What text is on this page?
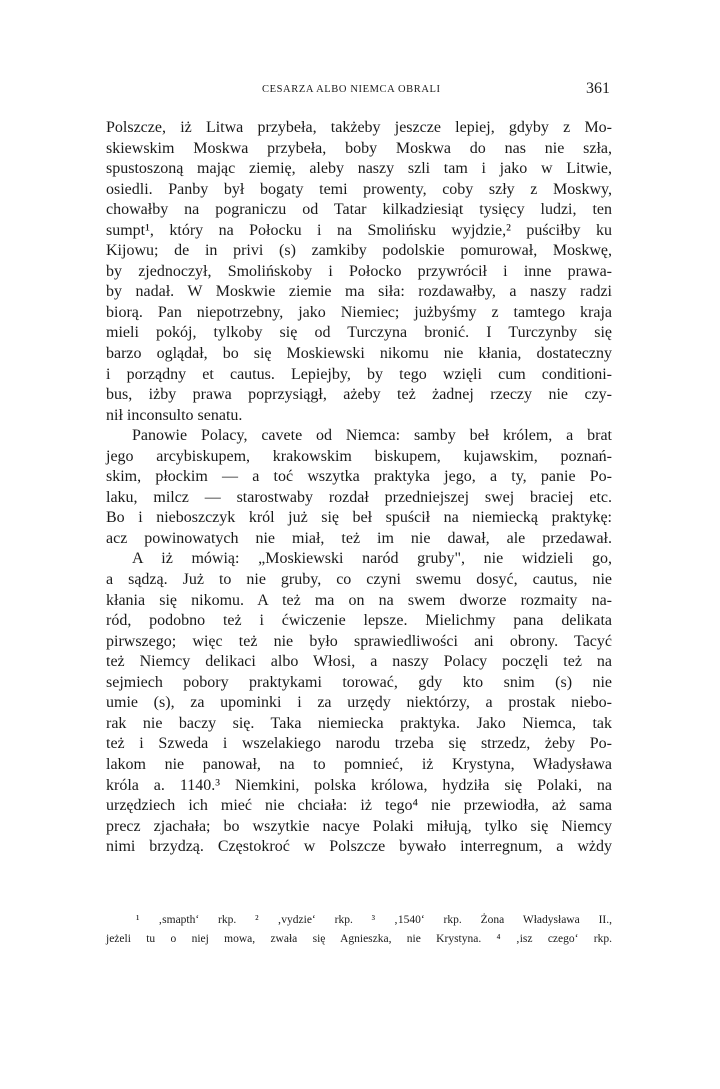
CESARZA ALBO NIEMCA OBRALI	361
Polszcze, iż Litwa przybeła, takżeby jeszcze lepiej, gdyby z Mo-
skiewskim Moskwa przybeła, boby Moskwa do nas nie szła,
spustoszoną mając ziemię, aleby naszy szli tam i jako w Litwie,
osiedli. Panby był bogaty temi prowenty, coby szły z Moskwy,
chowałby na pograniczu od Tatar kilkadziesiąt tysięcy ludzi, ten
sumpt¹, który na Połocku i na Smolińsku wyjdzie,² puściłby ku
Kijowu; de in privi (s) zamkiby podolskie pomurował, Moskwę,
by zjednoczył, Smolińskoby i Połocko przywrócił i inne prawa-
by nadał. W Moskwie ziemie ma siła: rozdawałby, a naszy radzi
biorą. Pan niepotrzebny, jako Niemiec; jużbyśmy z tamtego kraja
mieli pokój, tylkoby się od Turczyna bronić. I Turczynby się
barzo oglądał, bo się Moskiewski nikomu nie kłania, dostateczny
i porządny et cautus. Lepiejby, by tego wzięli cum conditioni-
bus, iżby prawa poprzysiągł, ażeby też żadnej rzeczy nie czy-
nił inconsulto senatu.
Panowie Polacy, cavete od Niemca: samby beł królem, a brat
jego arcybiskupem, krakowskim biskupem, kujawskim, poznań-
skim, płockim — a toć wszytka praktyka jego, a ty, panie Po-
laku, milcz — starostwaby rozdał przedniejszej swej braciej etc.
Bo i nieboszczyk król już się beł spuścił na niemiecką praktykę:
acz powinowatych nie miał, też im nie dawał, ale przedawał.
A iż mówią: „Moskiewski naród gruby", nie widzieli go,
a sądzą. Już to nie gruby, co czyni swemu dosyć, cautus, nie
kłania się nikomu. A też ma on na swem dworze rozmaity na-
ród, podobno też i ćwiczenie lepsze. Mielichmy pana delikata
pirwszego; więc też nie było sprawiedliwości ani obrony. Tacyć
też Niemcy delikaci albo Włosi, a naszy Polacy poczęli też na
sejmiech pobory praktykami torować, gdy kto snim (s) nie
umie (s), za upominki i za urzędy niektórzy, a prostak niebo-
rak nie baczy się. Taka niemiecka praktyka. Jako Niemca, tak
też i Szweda i wszelakiego narodu trzeba się strzedz, żeby Po-
lakom nie panował, na to pomnieć, iż Krystyna, Władysława
króla a. 1140.³ Niemkini, polska królowa, hydziła się Polaki, na
urzędziech ich mieć nie chciała: iż tego⁴ nie przewiodła, aż sama
precz zjachała; bo wszytkie nacye Polaki miłują, tylko się Niemcy
nimi brzydzą. Częstokroć w Polszcze bywało interregnum, a wżdy
¹ ‚smapth‘ rkp. ² ‚vydzie‘ rkp. ³ ‚1540‘ rkp. Żona Władysława II.,
jeżeli tu o niej mowa, zwała się Agnieszka, nie Krystyna. ⁴ ‚isz czego‘ rkp.
